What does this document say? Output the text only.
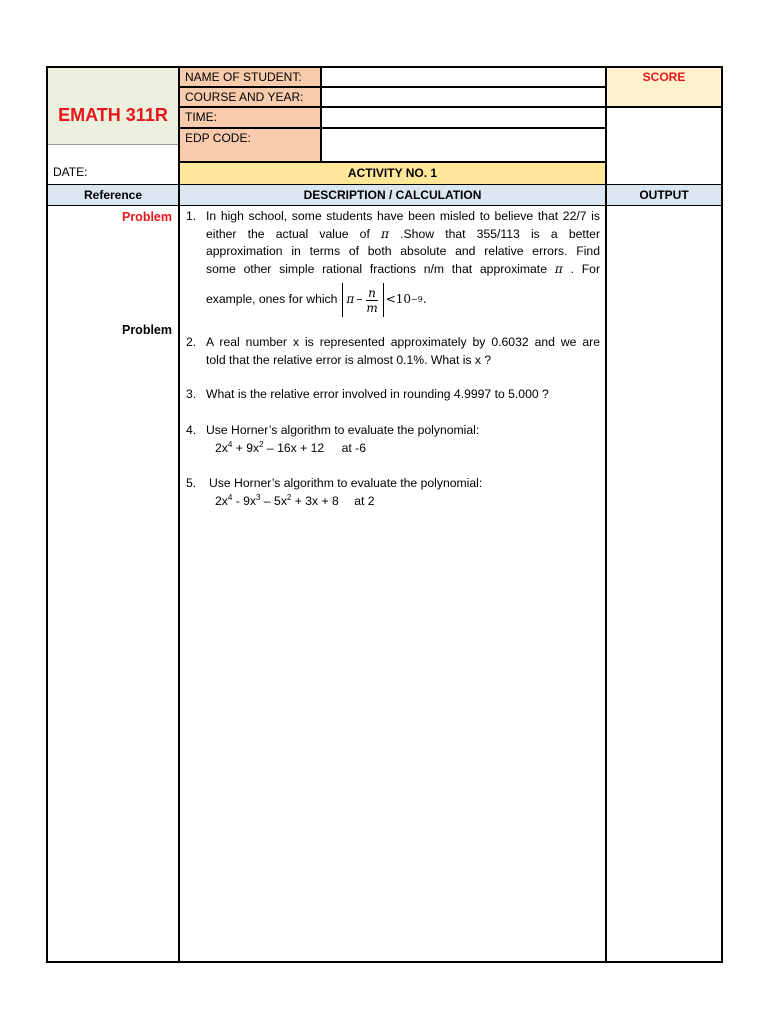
EMATH 311R
DATE:
NAME OF STUDENT:
COURSE AND YEAR:
TIME:
EDP CODE:
SCORE
ACTIVITY NO. 1
Reference	DESCRIPTION / CALCULATION	OUTPUT
Problem
Problem
1. In high school, some students have been misled to believe that 22/7 is

either the actual value of π .Show that 355/113 is a better

approximation in terms of both absolute and relative errors. Find

some other simple rational fractions n/m that approximate π . For

example, ones for which π – n
m
<10 −9 .
2. A real number x is represented approximately by 0.6032 and we are

told that the relative error is almost 0.1%. What is x ?

3. What is the relative error involved in rounding 4.9997 to 5.000 ?

4. Use Horner’s algorithm to evaluate the polynomial:

$2x^4 + 9x^2 - 16x + 12$ at -6

5. Use Horner’s algorithm to evaluate the polynomial:

$2x^4 - 9x^3 - 5x^2 + 3x + 8$ at 2
